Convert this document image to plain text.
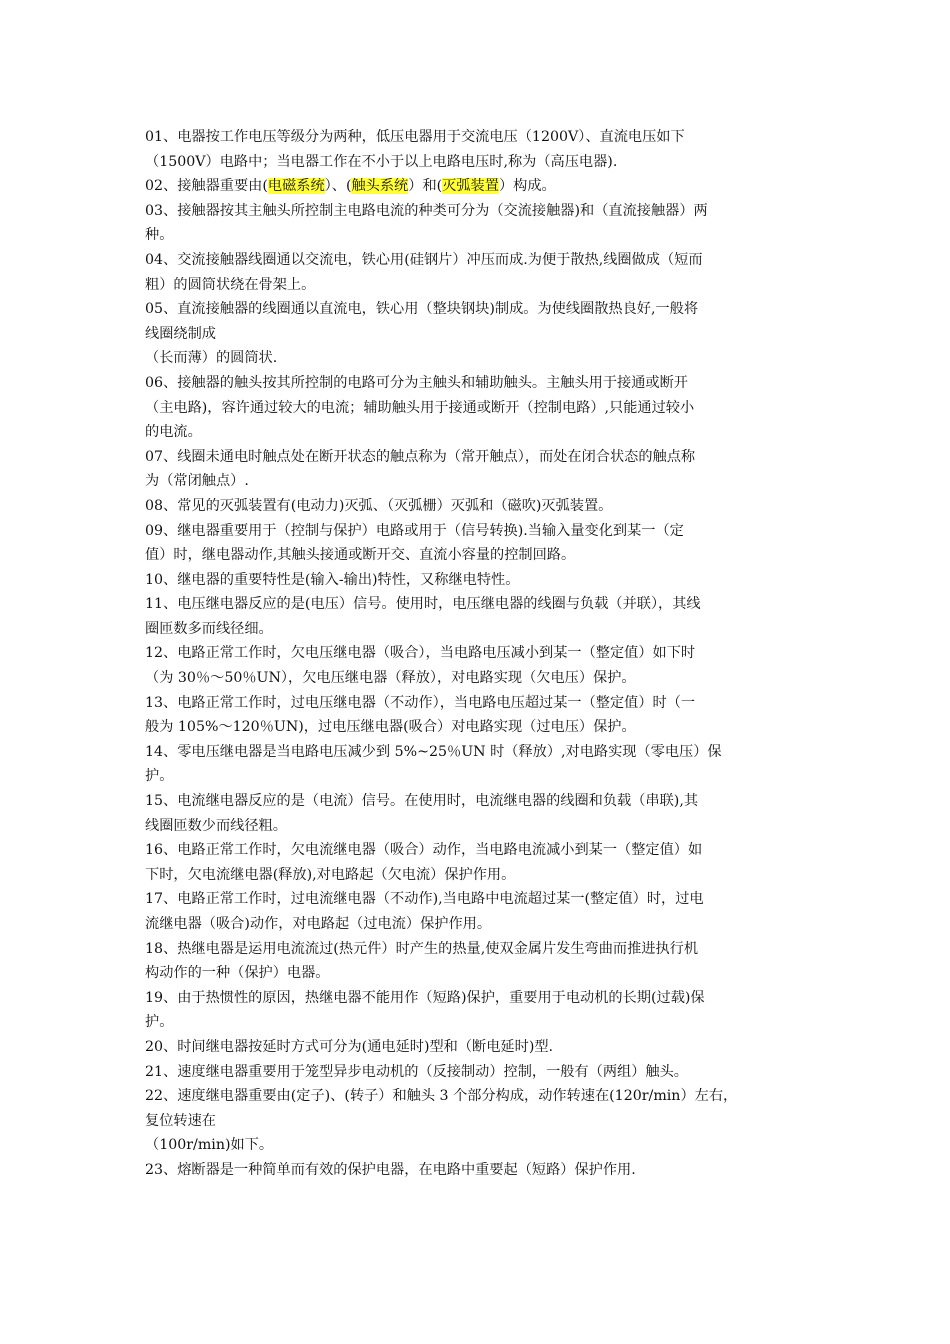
01、电器按工作电压等级分为两种，低压电器用于交流电压（1200V）、直流电压如下
（1500V）电路中；当电器工作在不小于以上电路电压时,称为（高压电器).
02、接触器重要由(电磁系统）、(触头系统）和(灭弧装置）构成。
03、接触器按其主触头所控制主电路电流的种类可分为（交流接触器)和（直流接触器）两
种。
04、交流接触器线圈通以交流电，铁心用(硅钢片）冲压而成.为便于散热,线圈做成（短而
粗）的圆筒状绕在骨架上。
05、直流接触器的线圈通以直流电，铁心用（整块钢块)制成。为使线圈散热良好,一般将
线圈绕制成
（长而薄）的圆筒状.
06、接触器的触头按其所控制的电路可分为主触头和辅助触头。主触头用于接通或断开
（主电路)，容许通过较大的电流；辅助触头用于接通或断开（控制电路）,只能通过较小
的电流。
07、线圈未通电时触点处在断开状态的触点称为（常开触点），而处在闭合状态的触点称
为（常闭触点）.
08、常见的灭弧装置有(电动力)灭弧、（灭弧栅）灭弧和（磁吹)灭弧装置。
09、继电器重要用于（控制与保护）电路或用于（信号转换).当输入量变化到某一（定
值）时，继电器动作,其触头接通或断开交、直流小容量的控制回路。
10、继电器的重要特性是(输入-输出)特性，又称继电特性。
11、电压继电器反应的是(电压）信号。使用时，电压继电器的线圈与负载（并联），其线
圈匝数多而线径细。
12、电路正常工作时，欠电压继电器（吸合），当电路电压减小到某一（整定值）如下时
（为 30％～50％UN），欠电压继电器（释放），对电路实现（欠电压）保护。
13、电路正常工作时，过电压继电器（不动作），当电路电压超过某一（整定值）时（一
般为 105%～120％UN)，过电压继电器(吸合）对电路实现（过电压）保护。
14、零电压继电器是当电路电压减少到 5%~25％UN 时（释放）,对电路实现（零电压）保
护。
15、电流继电器反应的是（电流）信号。在使用时，电流继电器的线圈和负载（串联),其
线圈匝数少而线径粗。
16、电路正常工作时，欠电流继电器（吸合）动作，当电路电流减小到某一（整定值）如
下时，欠电流继电器(释放),对电路起（欠电流）保护作用。
17、电路正常工作时，过电流继电器（不动作),当电路中电流超过某一(整定值）时，过电
流继电器（吸合)动作，对电路起（过电流）保护作用。
18、热继电器是运用电流流过(热元件）时产生的热量,使双金属片发生弯曲而推进执行机
构动作的一种（保护）电器。
19、由于热惯性的原因，热继电器不能用作（短路)保护，重要用于电动机的长期(过载)保
护。
20、时间继电器按延时方式可分为(通电延时)型和（断电延时)型.
21、速度继电器重要用于笼型异步电动机的（反接制动）控制，一般有（两组）触头。
22、速度继电器重要由(定子)、(转子）和触头 3 个部分构成，动作转速在(120r/min）左右，
复位转速在
（100r/min)如下。
23、熔断器是一种简单而有效的保护电器，在电路中重要起（短路）保护作用.
